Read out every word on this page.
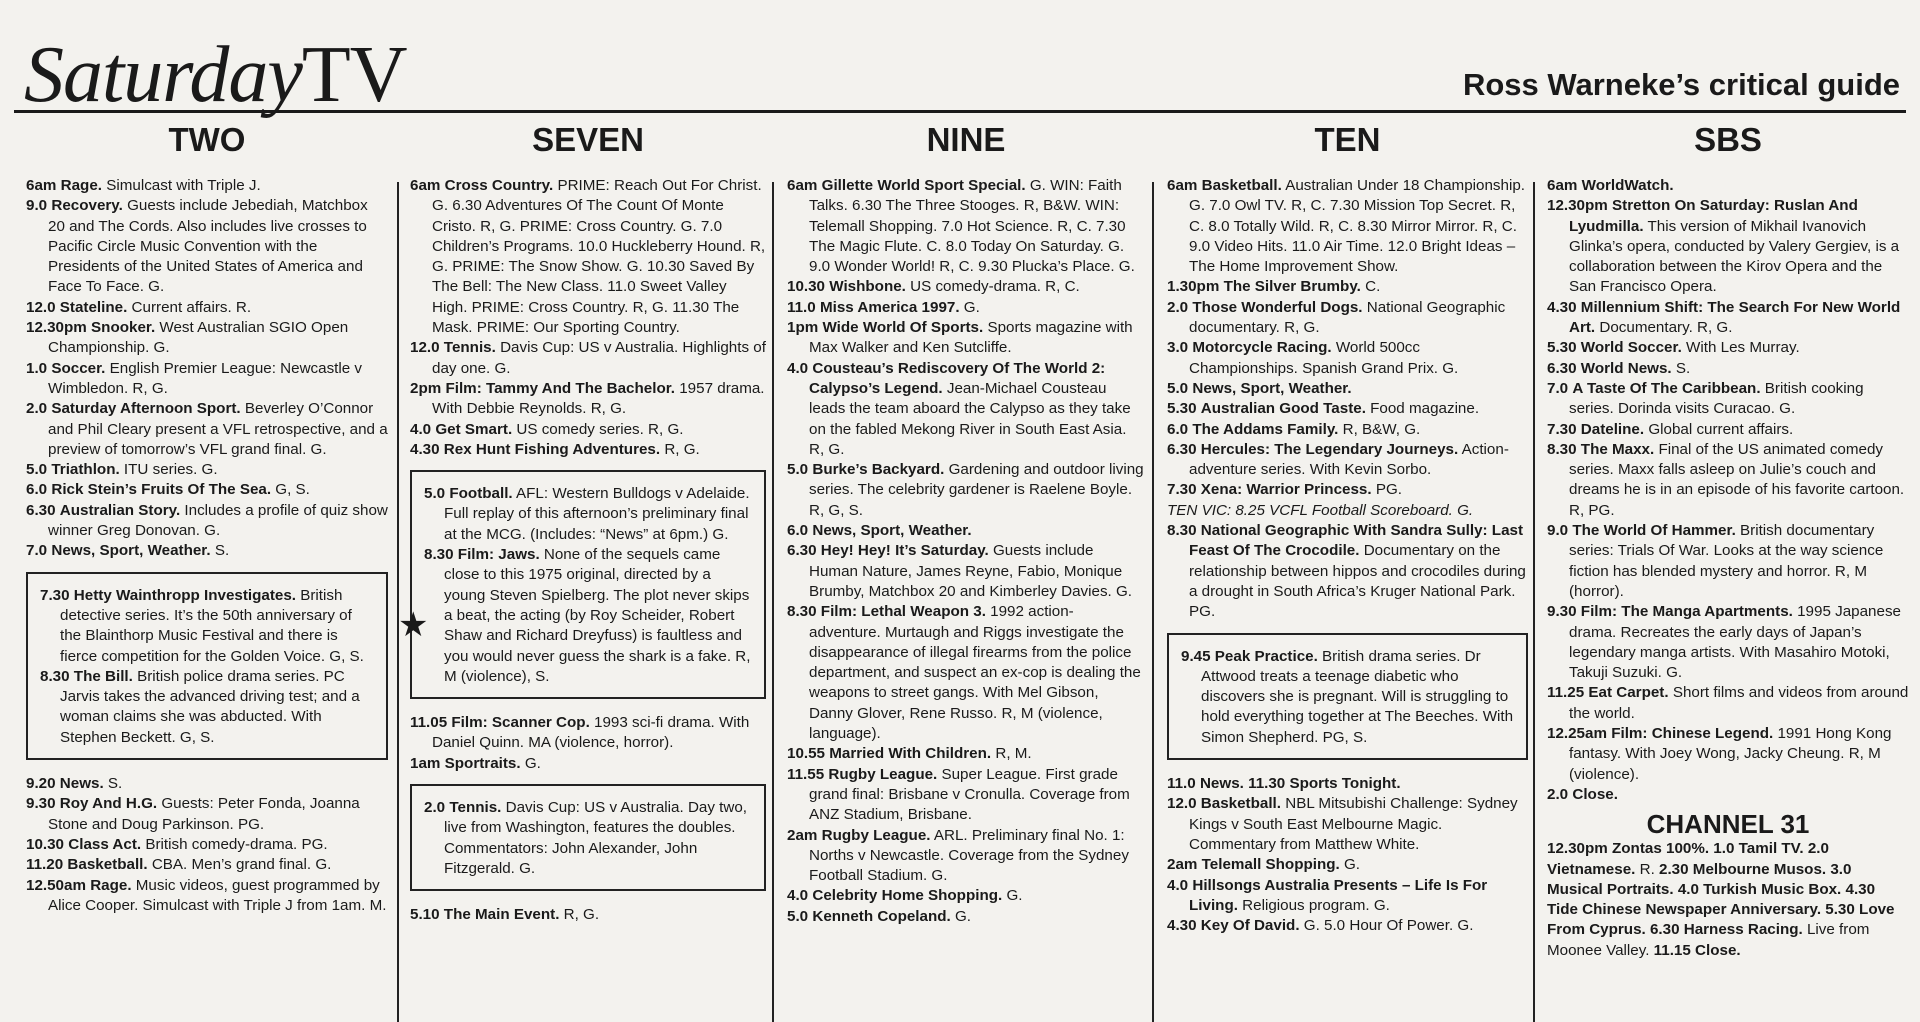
SaturdayTV	Ross Warneke’s critical guide
TWO

6am Rage. Simulcast with Triple J.

9.0 Recovery. Guests include Jebediah, Matchbox 20 and The Cords. Also includes live crosses to Pacific Circle Music Convention with the Presidents of the United States of America and Face To Face. G.

12.0 Stateline. Current affairs. R.

12.30pm Snooker. West Australian SGIO Open Championship. G.

1.0 Soccer. English Premier League: Newcastle v Wimbledon. R, G.

2.0 Saturday Afternoon Sport. Beverley O’Connor and Phil Cleary present a VFL retrospective, and a preview of tomorrow’s VFL grand final. G.

5.0 Triathlon. ITU series. G.

6.0 Rick Stein’s Fruits Of The Sea. G, S.

6.30 Australian Story. Includes a profile of quiz show winner Greg Donovan. G.

7.0 News, Sport, Weather. S.

7.30 Hetty Wainthropp Investigates. British detective series. It’s the 50th anniversary of the Blainthorp Music Festival and there is fierce competition for the Golden Voice. G, S.

8.30 The Bill. British police drama series. PC Jarvis takes the advanced driving test; and a woman claims she was abducted. With Stephen Beckett. G, S.

9.20 News. S.

9.30 Roy And H.G. Guests: Peter Fonda, Joanna Stone and Doug Parkinson. PG.

10.30 Class Act. British comedy-drama. PG.

11.20 Basketball. CBA. Men’s grand final. G.

12.50am Rage. Music videos, guest programmed by Alice Cooper. Simulcast with Triple J from 1am. M.

SEVEN

6am Cross Country. PRIME: Reach Out For Christ. G. 6.30 Adventures Of The Count Of Monte Cristo. R, G. PRIME: Cross Country. G. 7.0 Children’s Programs. 10.0 Huckleberry Hound. R, G. PRIME: The Snow Show. G. 10.30 Saved By The Bell: The New Class. 11.0 Sweet Valley High. PRIME: Cross Country. R, G. 11.30 The Mask. PRIME: Our Sporting Country.

12.0 Tennis. Davis Cup: US v Australia. Highlights of day one. G.

2pm Film: Tammy And The Bachelor. 1957 drama. With Debbie Reynolds. R, G.

4.0 Get Smart. US comedy series. R, G.

4.30 Rex Hunt Fishing Adventures. R, G.

5.0 Football. AFL: Western Bulldogs v Adelaide. Full replay of this afternoon’s preliminary final at the MCG. (Includes: “News” at 6pm.) G.

★
8.30 Film: Jaws. None of the sequels came close to this 1975 original, directed by a young Steven Spielberg. The plot never skips a beat, the acting (by Roy Scheider, Robert Shaw and Richard Dreyfuss) is faultless and you would never guess the shark is a fake. R, M (violence), S.

11.05 Film: Scanner Cop. 1993 sci-fi drama. With Daniel Quinn. MA (violence, horror).

1am Sportraits. G.

2.0 Tennis. Davis Cup: US v Australia. Day two, live from Washington, features the doubles. Commentators: John Alexander, John Fitzgerald. G.

5.10 The Main Event. R, G.

NINE

6am Gillette World Sport Special. G. WIN: Faith Talks. 6.30 The Three Stooges. R, B&W. WIN: Telemall Shopping. 7.0 Hot Science. R, C. 7.30 The Magic Flute. C. 8.0 Today On Saturday. G. 9.0 Wonder World! R, C. 9.30 Plucka’s Place. G.

10.30 Wishbone. US comedy-drama. R, C.

11.0 Miss America 1997. G.

1pm Wide World Of Sports. Sports magazine with Max Walker and Ken Sutcliffe.

4.0 Cousteau’s Rediscovery Of The World 2: Calypso’s Legend. Jean-Michael Cousteau leads the team aboard the Calypso as they take on the fabled Mekong River in South East Asia. R, G.

5.0 Burke’s Backyard. Gardening and outdoor living series. The celebrity gardener is Raelene Boyle. R, G, S.

6.0 News, Sport, Weather.

6.30 Hey! Hey! It’s Saturday. Guests include Human Nature, James Reyne, Fabio, Monique Brumby, Matchbox 20 and Kimberley Davies. G.

8.30 Film: Lethal Weapon 3. 1992 action-adventure. Murtaugh and Riggs investigate the disappearance of illegal firearms from the police department, and suspect an ex-cop is dealing the weapons to street gangs. With Mel Gibson, Danny Glover, Rene Russo. R, M (violence, language).

10.55 Married With Children. R, M.

11.55 Rugby League. Super League. First grade grand final: Brisbane v Cronulla. Coverage from ANZ Stadium, Brisbane.

2am Rugby League. ARL. Preliminary final No. 1: Norths v Newcastle. Coverage from the Sydney Football Stadium. G.

4.0 Celebrity Home Shopping. G.

5.0 Kenneth Copeland. G.

TEN

6am Basketball. Australian Under 18 Championship. G. 7.0 Owl TV. R, C. 7.30 Mission Top Secret. R, C. 8.0 Totally Wild. R, C. 8.30 Mirror Mirror. R, C. 9.0 Video Hits. 11.0 Air Time. 12.0 Bright Ideas – The Home Improvement Show.

1.30pm The Silver Brumby. C.

2.0 Those Wonderful Dogs. National Geographic documentary. R, G.

3.0 Motorcycle Racing. World 500cc Championships. Spanish Grand Prix. G.

5.0 News, Sport, Weather.

5.30 Australian Good Taste. Food magazine.

6.0 The Addams Family. R, B&W, G.

6.30 Hercules: The Legendary Journeys. Action-adventure series. With Kevin Sorbo.

7.30 Xena: Warrior Princess. PG.

TEN VIC: 8.25 VCFL Football Scoreboard. G.

8.30 National Geographic With Sandra Sully: Last Feast Of The Crocodile. Documentary on the relationship between hippos and crocodiles during a drought in South Africa’s Kruger National Park. PG.

9.45 Peak Practice. British drama series. Dr Attwood treats a teenage diabetic who discovers she is pregnant. Will is struggling to hold everything together at The Beeches. With Simon Shepherd. PG, S.

11.0 News. 11.30 Sports Tonight.

12.0 Basketball. NBL Mitsubishi Challenge: Sydney Kings v South East Melbourne Magic. Commentary from Matthew White.

2am Telemall Shopping. G.

4.0 Hillsongs Australia Presents – Life Is For Living. Religious program. G.

4.30 Key Of David. G. 5.0 Hour Of Power. G.

SBS

6am WorldWatch.

12.30pm Stretton On Saturday: Ruslan And Lyudmilla. This version of Mikhail Ivanovich Glinka’s opera, conducted by Valery Gergiev, is a collaboration between the Kirov Opera and the San Francisco Opera.

4.30 Millennium Shift: The Search For New World Art. Documentary. R, G.

5.30 World Soccer. With Les Murray.

6.30 World News. S.

7.0 A Taste Of The Caribbean. British cooking series. Dorinda visits Curacao. G.

7.30 Dateline. Global current affairs.

8.30 The Maxx. Final of the US animated comedy series. Maxx falls asleep on Julie’s couch and dreams he is in an episode of his favorite cartoon. R, PG.

9.0 The World Of Hammer. British documentary series: Trials Of War. Looks at the way science fiction has blended mystery and horror. R, M (horror).

9.30 Film: The Manga Apartments. 1995 Japanese drama. Recreates the early days of Japan’s legendary manga artists. With Masahiro Motoki, Takuji Suzuki. G.

11.25 Eat Carpet. Short films and videos from around the world.

12.25am Film: Chinese Legend. 1991 Hong Kong fantasy. With Joey Wong, Jacky Cheung. R, M (violence).

2.0 Close.

CHANNEL 31
12.30pm Zontas 100%. 1.0 Tamil TV. 2.0 Vietnamese. R. 2.30 Melbourne Musos. 3.0 Musical Portraits. 4.0 Turkish Music Box. 4.30 Tide Chinese Newspaper Anniversary. 5.30 Love From Cyprus. 6.30 Harness Racing. Live from Moonee Valley. 11.15 Close.
